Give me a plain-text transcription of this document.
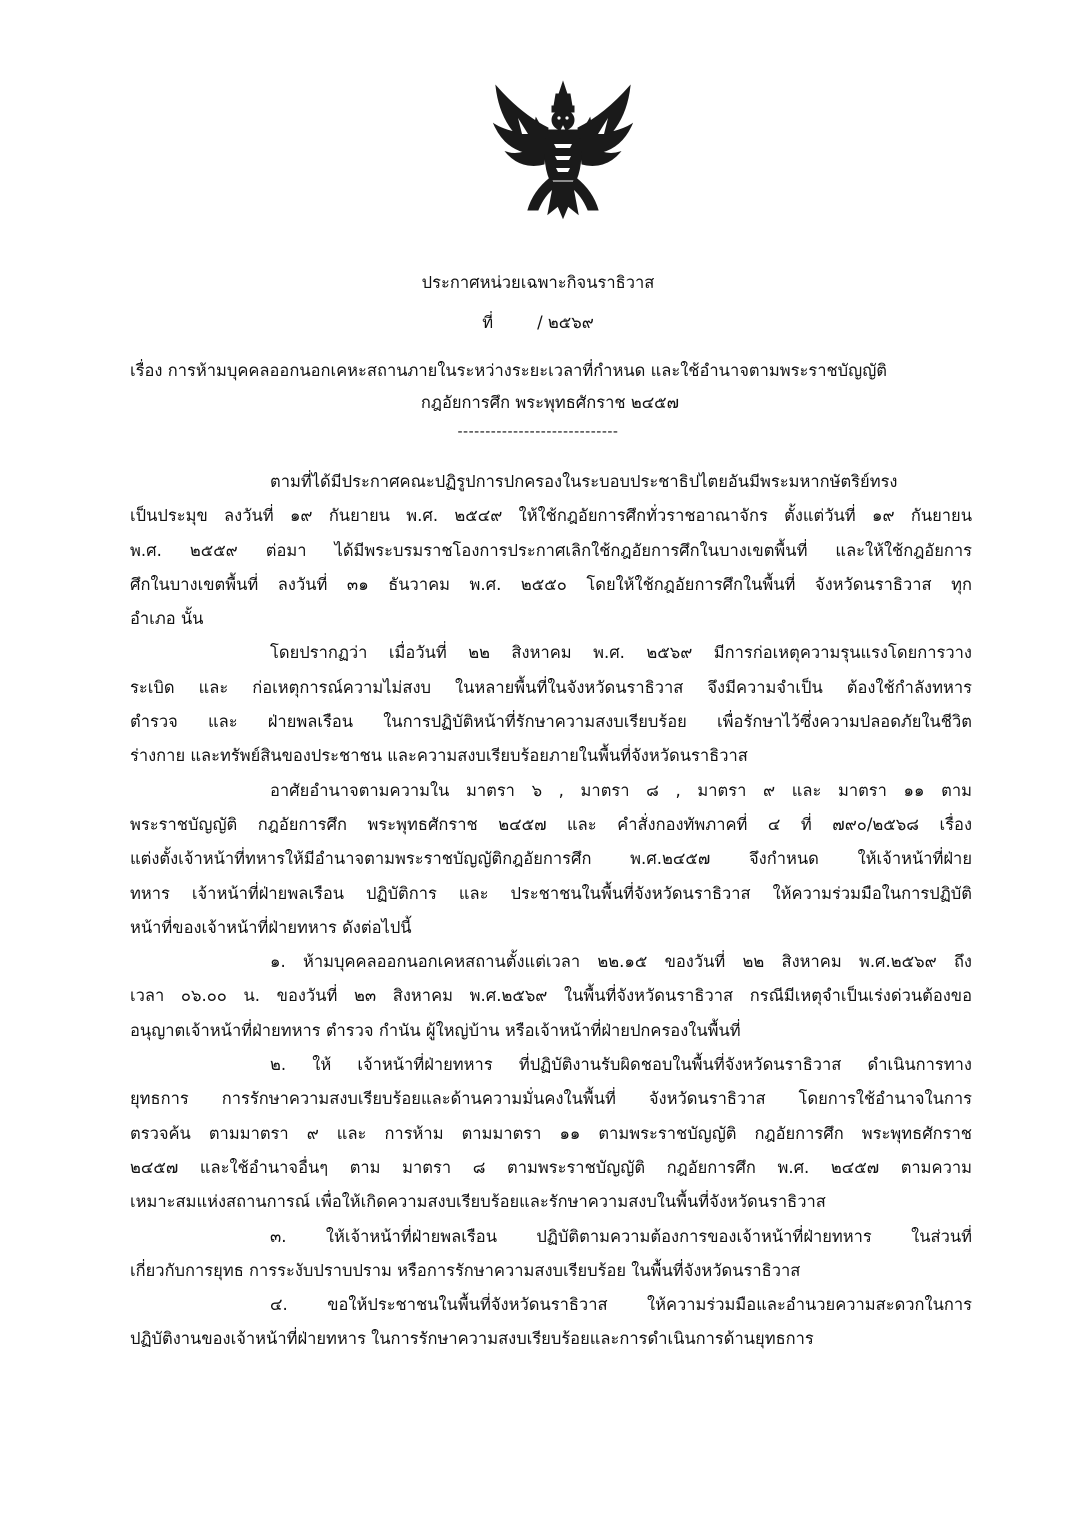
ประกาศหน่วยเฉพาะกิจนราธิวาส
ที่	/ ๒๕๖๙
เรื่อง การห้ามบุคคลออกนอกเคหะสถานภายในระหว่างระยะเวลาที่กำหนด และใช้อำนาจตามพระราชบัญญัติ
กฎอัยการศึก พระพุทธศักราช ๒๔๕๗
-----------------------------
ตามที่ได้มีประกาศคณะปฏิรูปการปกครองในระบอบประชาธิปไตยอันมีพระมหากษัตริย์ทรง
เป็นประมุข ลงวันที่ ๑๙ กันยายน พ.ศ. ๒๕๔๙ ให้ใช้กฎอัยการศึกทั่วราชอาณาจักร ตั้งแต่วันที่ ๑๙ กันยายน
พ.ศ. ๒๕๕๙ ต่อมา ได้มีพระบรมราชโองการประกาศเลิกใช้กฎอัยการศึกในบางเขตพื้นที่ และให้ใช้กฎอัยการ
ศึกในบางเขตพื้นที่ ลงวันที่ ๓๑ ธันวาคม พ.ศ. ๒๕๕๐ โดยให้ใช้กฎอัยการศึกในพื้นที่ จังหวัดนราธิวาส ทุก
อำเภอ นั้น
โดยปรากฏว่า เมื่อวันที่ ๒๒ สิงหาคม พ.ศ. ๒๕๖๙ มีการก่อเหตุความรุนแรงโดยการวาง
ระเบิด และ ก่อเหตุการณ์ความไม่สงบ ในหลายพื้นที่ในจังหวัดนราธิวาส จึงมีความจำเป็น ต้องใช้กำลังทหาร
ตำรวจ และ ฝ่ายพลเรือน ในการปฏิบัติหน้าที่รักษาความสงบเรียบร้อย เพื่อรักษาไว้ซึ่งความปลอดภัยในชีวิต
ร่างกาย และทรัพย์สินของประชาชน และความสงบเรียบร้อยภายในพื้นที่จังหวัดนราธิวาส
อาศัยอำนาจตามความใน มาตรา ๖ , มาตรา ๘ , มาตรา ๙ และ มาตรา ๑๑ ตาม
พระราชบัญญัติ กฎอัยการศึก พระพุทธศักราช ๒๔๕๗ และ คำสั่งกองทัพภาคที่ ๔ ที่ ๗๙๐/๒๕๖๘ เรื่อง
แต่งตั้งเจ้าหน้าที่ทหารให้มีอำนาจตามพระราชบัญญัติกฎอัยการศึก พ.ศ.๒๔๕๗ จึงกำหนด ให้เจ้าหน้าที่ฝ่าย
ทหาร เจ้าหน้าที่ฝ่ายพลเรือน ปฏิบัติการ และ ประชาชนในพื้นที่จังหวัดนราธิวาส ให้ความร่วมมือในการปฏิบัติ
หน้าที่ของเจ้าหน้าที่ฝ่ายทหาร ดังต่อไปนี้
๑. ห้ามบุคคลออกนอกเคหสถานตั้งแต่เวลา ๒๒.๑๕ ของวันที่ ๒๒ สิงหาคม พ.ศ.๒๕๖๙ ถึง
เวลา ๐๖.๐๐ น. ของวันที่ ๒๓ สิงหาคม พ.ศ.๒๕๖๙ ในพื้นที่จังหวัดนราธิวาส กรณีมีเหตุจำเป็นเร่งด่วนต้องขอ
อนุญาตเจ้าหน้าที่ฝ่ายทหาร ตำรวจ กำนัน ผู้ใหญ่บ้าน หรือเจ้าหน้าที่ฝ่ายปกครองในพื้นที่
๒. ให้ เจ้าหน้าที่ฝ่ายทหาร ที่ปฏิบัติงานรับผิดชอบในพื้นที่จังหวัดนราธิวาส ดำเนินการทาง
ยุทธการ การรักษาความสงบเรียบร้อยและด้านความมั่นคงในพื้นที่ จังหวัดนราธิวาส โดยการใช้อำนาจในการ
ตรวจค้น ตามมาตรา ๙ และ การห้าม ตามมาตรา ๑๑ ตามพระราชบัญญัติ กฎอัยการศึก พระพุทธศักราช
๒๔๕๗ และใช้อำนาจอื่นๆ ตาม มาตรา ๘ ตามพระราชบัญญัติ กฎอัยการศึก พ.ศ. ๒๔๕๗ ตามความ
เหมาะสมแห่งสถานการณ์ เพื่อให้เกิดความสงบเรียบร้อยและรักษาความสงบในพื้นที่จังหวัดนราธิวาส
๓. ให้เจ้าหน้าที่ฝ่ายพลเรือน ปฏิบัติตามความต้องการของเจ้าหน้าที่ฝ่ายทหาร ในส่วนที่
เกี่ยวกับการยุทธ การระงับปราบปราม หรือการรักษาความสงบเรียบร้อย ในพื้นที่จังหวัดนราธิวาส
๔. ขอให้ประชาชนในพื้นที่จังหวัดนราธิวาส ให้ความร่วมมือและอำนวยความสะดวกในการ
ปฏิบัติงานของเจ้าหน้าที่ฝ่ายทหาร ในการรักษาความสงบเรียบร้อยและการดำเนินการด้านยุทธการ
